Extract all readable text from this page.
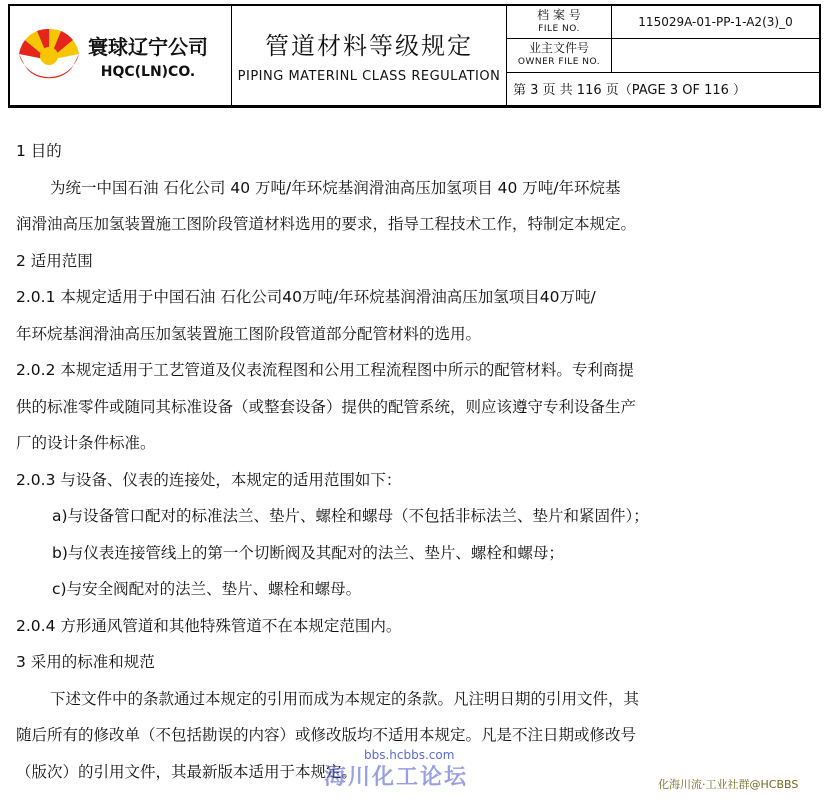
寰球辽宁公司
HQC(LN)CO.
管道材料等级规定
PIPING MATERINL CLASS REGULATION
档 案 号
FILE NO.	115029A-01-PP-1-A2(3)_0
业主文件号
OWNER FILE NO.
第 3 页 共 116 页（PAGE 3 OF 116 ）
1 目的
为统一中国石油 石化公司 40 万吨/年环烷基润滑油高压加氢项目 40 万吨/年环烷基
润滑油高压加氢装置施工图阶段管道材料选用的要求，指导工程技术工作，特制定本规定。
2 适用范围
2.0.1 本规定适用于中国石油 石化公司40万吨/年环烷基润滑油高压加氢项目40万吨/
年环烷基润滑油高压加氢装置施工图阶段管道部分配管材料的选用。
2.0.2 本规定适用于工艺管道及仪表流程图和公用工程流程图中所示的配管材料。专利商提
供的标准零件或随同其标准设备（或整套设备）提供的配管系统，则应该遵守专利设备生产
厂的设计条件标准。
2.0.3 与设备、仪表的连接处，本规定的适用范围如下：
a)与设备管口配对的标准法兰、垫片、螺栓和螺母（不包括非标法兰、垫片和紧固件）；
b)与仪表连接管线上的第一个切断阀及其配对的法兰、垫片、螺栓和螺母；
c)与安全阀配对的法兰、垫片、螺栓和螺母。
2.0.4 方形通风管道和其他特殊管道不在本规定范围内。
3 采用的标准和规范
下述文件中的条款通过本规定的引用而成为本规定的条款。凡注明日期的引用文件，其
随后所有的修改单（不包括勘误的内容）或修改版均不适用本规定。凡是不注日期或修改号
（版次）的引用文件，其最新版本适用于本规定。
bbs.hcbbs.com
海川化工论坛	化海川流·工业社群@HCBBS
